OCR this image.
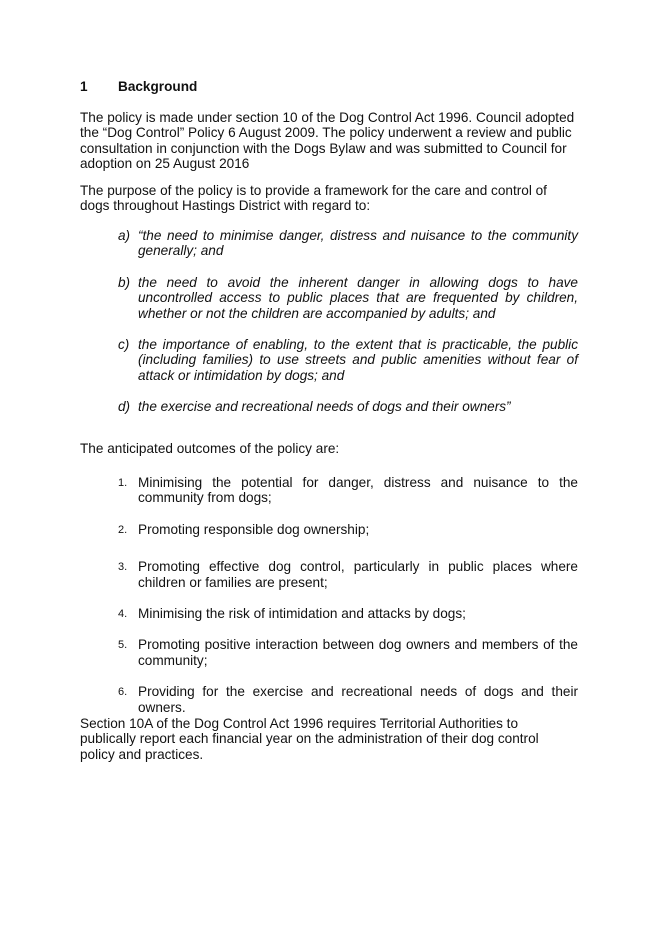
1 Background

The policy is made under section 10 of the Dog Control Act 1996. Council adopted the “Dog Control” Policy 6 August 2009. The policy underwent a review and public consultation in conjunction with the Dogs Bylaw and was submitted to Council for adoption on 25 August 2016

The purpose of the policy is to provide a framework for the care and control of dogs throughout Hastings District with regard to:

a) “the need to minimise danger, distress and nuisance to the community generally; and
b) the need to avoid the inherent danger in allowing dogs to have uncontrolled access to public places that are frequented by children, whether or not the children are accompanied by adults; and
c) the importance of enabling, to the extent that is practicable, the public (including families) to use streets and public amenities without fear of attack or intimidation by dogs; and
d) the exercise and recreational needs of dogs and their owners”

The anticipated outcomes of the policy are:

1. Minimising the potential for danger, distress and nuisance to the community from dogs;
2. Promoting responsible dog ownership;
3. Promoting effective dog control, particularly in public places where children or families are present;
4. Minimising the risk of intimidation and attacks by dogs;
5. Promoting positive interaction between dog owners and members of the community;
6. Providing for the exercise and recreational needs of dogs and their owners.

Section 10A of the Dog Control Act 1996 requires Territorial Authorities to publically report each financial year on the administration of their dog control policy and practices.
